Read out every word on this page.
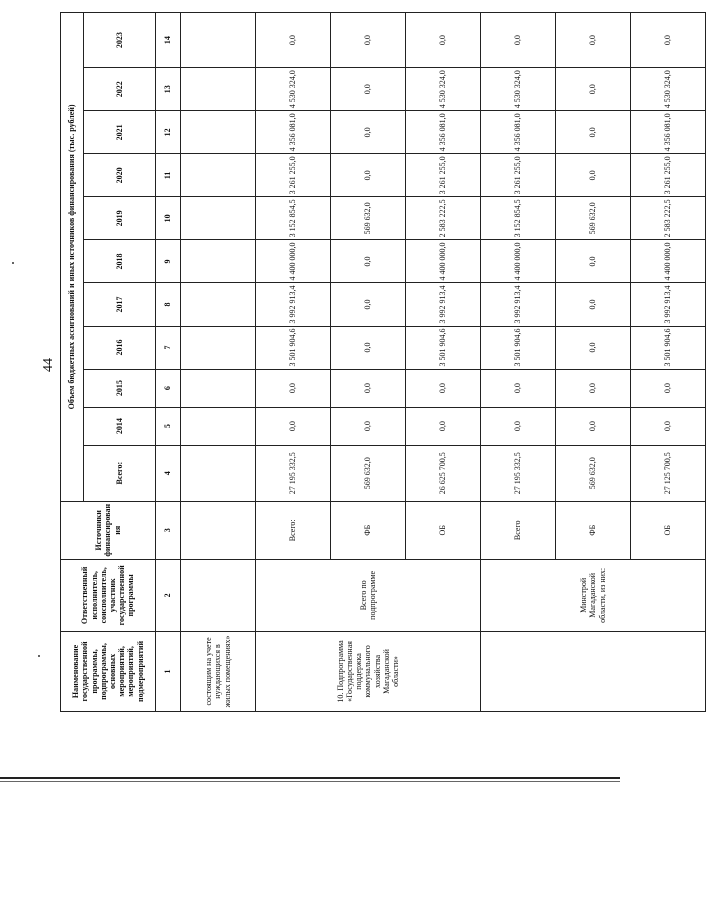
44
Наименование государственной программы, подпрограммы, основных мероприятий, мероприятий, подмероприятий	Ответственный исполнитель, соисполнитель, участник государственной программы	Источники финансирования	Объем бюджетных ассигнований и иных источников финансирования (тыс. рублей)										
			Всего:	2014	2015	2016	2017	2018	2019	2020	2021	2022	2023
1	2	3	4	5	6	7	8	9	10	11	12	13	14
состоящим на учете нуждающихся в жилых помещениях»													
10. Подпрограмма «Государственная поддержка коммунального хозяйства Магаданской области»	Всего по подпрограмме	Всего:	27 195 332,5	0,0	0,0	3 501 904,6	3 992 913,4	4 400 000,0	3 152 854,5	3 261 255,0	4 356 081,0	4 530 324,0	0,0
		ФБ	569 632,0	0,0	0,0	0,0	0,0	0,0	569 632,0	0,0	0,0	0,0	0,0
		ОБ	26 625 700,5	0,0	0,0	3 501 904,6	3 992 913,4	4 400 000,0	2 583 222,5	3 261 255,0	4 356 081,0	4 530 324,0	0,0
	Минстрой Магаданской области, из них:	Всего	27 195 332,5	0,0	0,0	3 501 904,6	3 992 913,4	4 400 000,0	3 152 854,5	3 261 255,0	4 356 081,0	4 530 324,0	0,0
		ФБ	569 632,0	0,0	0,0	0,0	0,0	0,0	569 632,0	0,0	0,0	0,0	0,0
		ОБ	27 125 700,5	0,0	0,0	3 501 904,6	3 992 913,4	4 400 000,0	2 583 222,5	3 261 255,0	4 356 081,0	4 530 324,0	0,0
